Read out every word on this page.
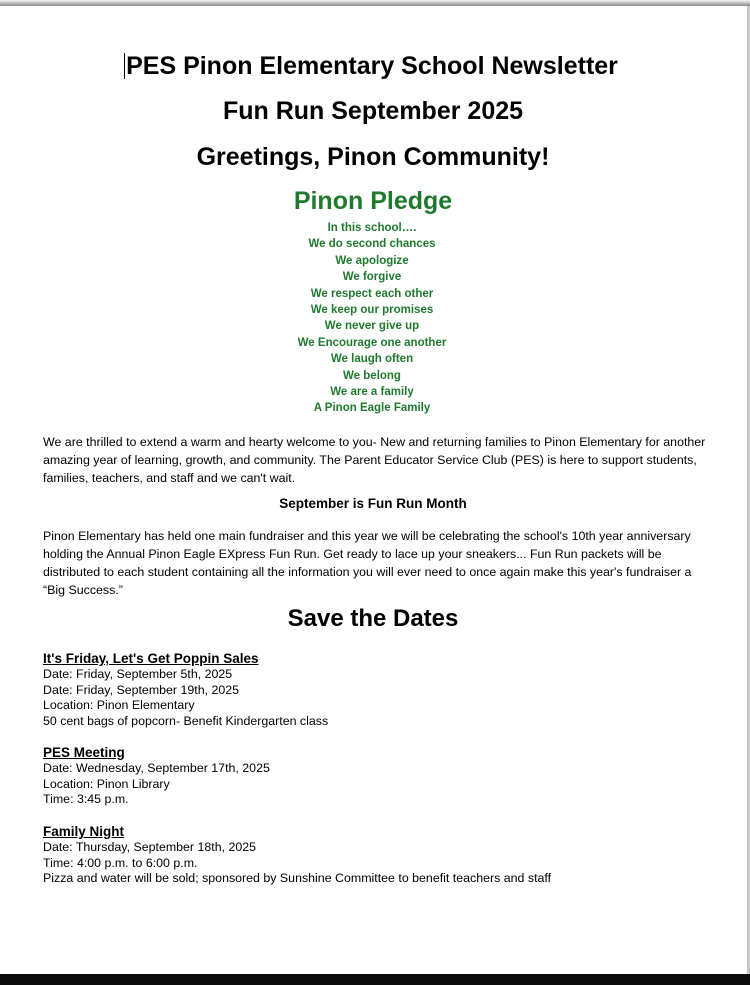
PES Pinon Elementary School Newsletter
Fun Run September 2025
Greetings, Pinon Community!
Pinon Pledge
In this school….
We do second chances
We apologize
We forgive
We respect each other
We keep our promises
We never give up
We Encourage one another
We laugh often
We belong
We are a family
A Pinon Eagle Family

We are thrilled to extend a warm and hearty welcome to you- New and returning families to Pinon Elementary for another amazing year of learning, growth, and community. The Parent Educator Service Club (PES) is here to support students, families, teachers, and staff and we can't wait.

September is Fun Run Month

Pinon Elementary has held one main fundraiser and this year we will be celebrating the school's 10th year anniversary holding the Annual Pinon Eagle EXpress Fun Run. Get ready to lace up your sneakers... Fun Run packets will be distributed to each student containing all the information you will ever need to once again make this year's fundraiser a “Big Success.”

Save the Dates
It's Friday, Let's Get Poppin Sales
Date: Friday, September 5th, 2025
Date: Friday, September 19th, 2025
Location: Pinon Elementary
50 cent bags of popcorn- Benefit Kindergarten class
PES Meeting
Date: Wednesday, September 17th, 2025
Location: Pinon Library
Time: 3:45 p.m.
Family Night
Date: Thursday, September 18th, 2025
Time: 4:00 p.m. to 6:00 p.m.
Pizza and water will be sold; sponsored by Sunshine Committee to benefit teachers and staff
